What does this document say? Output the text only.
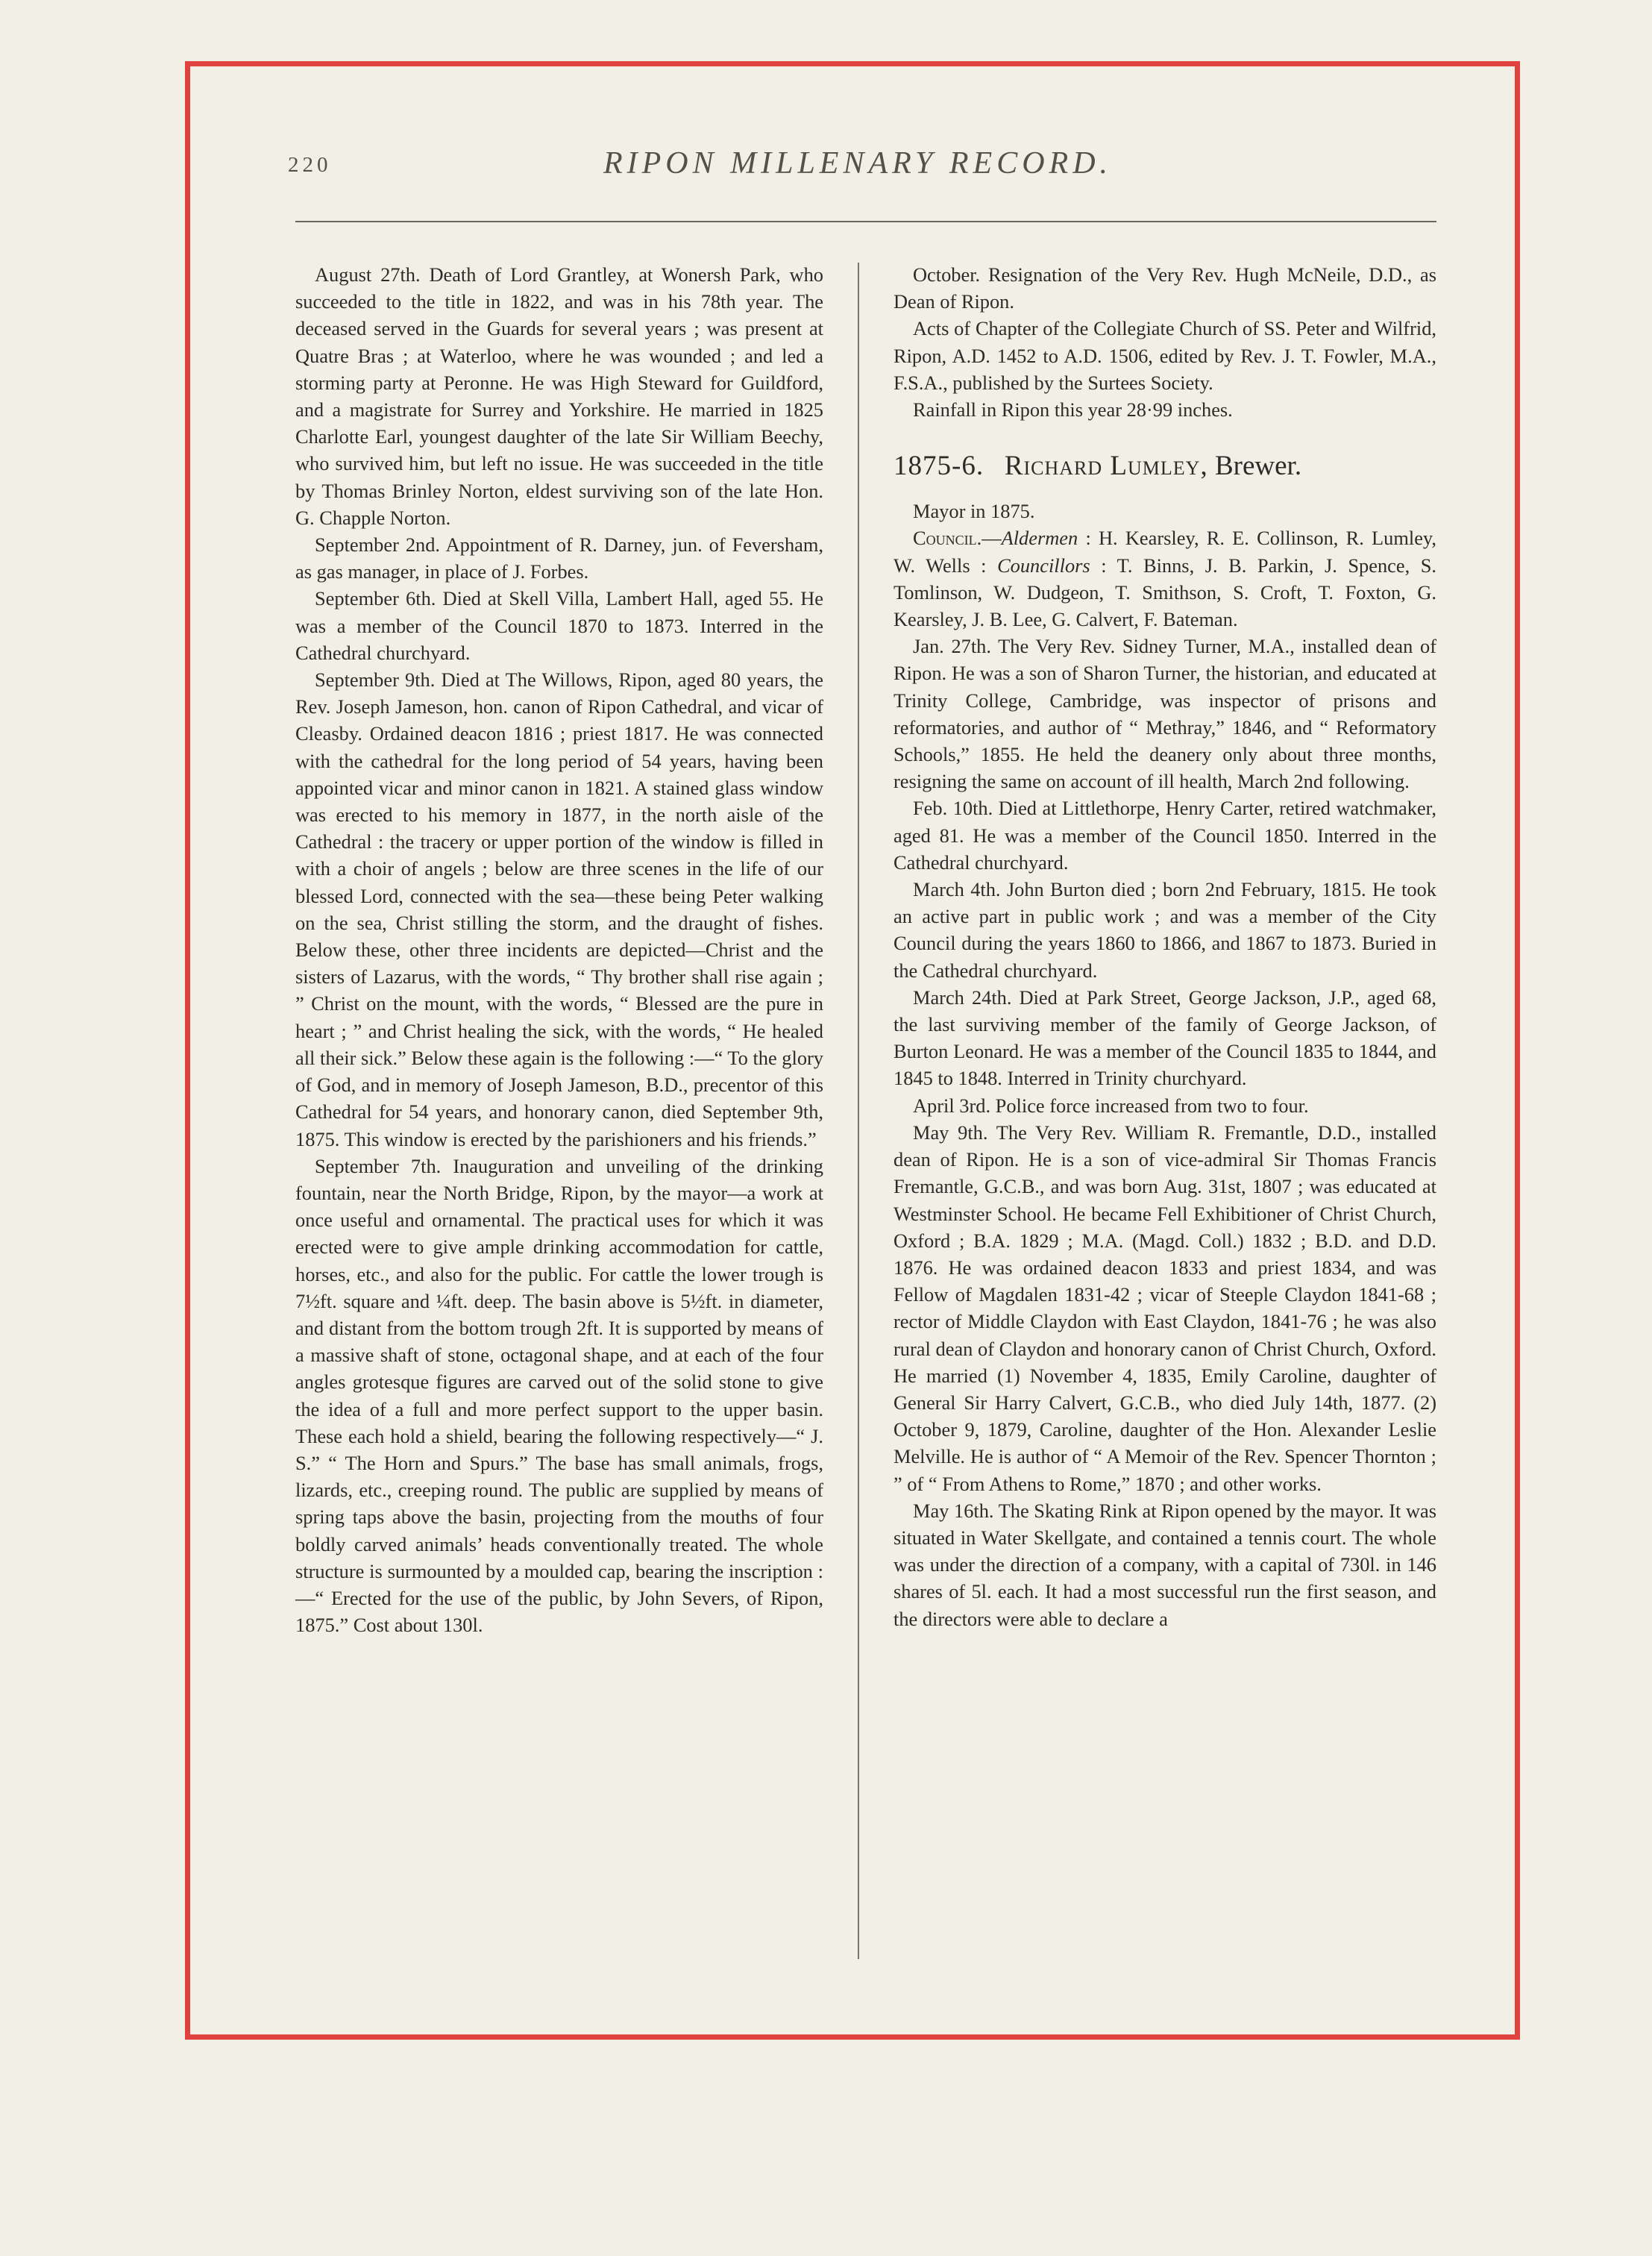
220	RIPON MILLENARY RECORD.

August 27th. Death of Lord Grantley, at Wonersh Park, who succeeded to the title in 1822, and was in his 78th year. The deceased served in the Guards for several years ; was present at Quatre Bras ; at Waterloo, where he was wounded ; and led a storming party at Peronne. He was High Steward for Guildford, and a magistrate for Surrey and Yorkshire. He married in 1825 Charlotte Earl, youngest daughter of the late Sir William Beechy, who survived him, but left no issue. He was succeeded in the title by Thomas Brinley Norton, eldest surviving son of the late Hon. G. Chapple Norton.

September 2nd. Appointment of R. Darney, jun. of Feversham, as gas manager, in place of J. Forbes.

September 6th. Died at Skell Villa, Lambert Hall, aged 55. He was a member of the Council 1870 to 1873. Interred in the Cathedral churchyard.

September 9th. Died at The Willows, Ripon, aged 80 years, the Rev. Joseph Jameson, hon. canon of Ripon Cathedral, and vicar of Cleasby. Ordained deacon 1816 ; priest 1817. He was connected with the cathedral for the long period of 54 years, having been appointed vicar and minor canon in 1821. A stained glass window was erected to his memory in 1877, in the north aisle of the Cathedral : the tracery or upper portion of the window is filled in with a choir of angels ; below are three scenes in the life of our blessed Lord, connected with the sea—these being Peter walking on the sea, Christ stilling the storm, and the draught of fishes. Below these, other three incidents are depicted—Christ and the sisters of Lazarus, with the words, “ Thy brother shall rise again ; ” Christ on the mount, with the words, “ Blessed are the pure in heart ; ” and Christ healing the sick, with the words, “ He healed all their sick.” Below these again is the following :—“ To the glory of God, and in memory of Joseph Jameson, B.D., precentor of this Cathedral for 54 years, and honorary canon, died September 9th, 1875. This window is erected by the parishioners and his friends.”

September 7th. Inauguration and unveiling of the drinking fountain, near the North Bridge, Ripon, by the mayor—a work at once useful and ornamental. The practical uses for which it was erected were to give ample drinking accommodation for cattle, horses, etc., and also for the public. For cattle the lower trough is 7½ft. square and ¼ft. deep. The basin above is 5½ft. in diameter, and distant from the bottom trough 2ft. It is supported by means of a massive shaft of stone, octagonal shape, and at each of the four angles grotesque figures are carved out of the solid stone to give the idea of a full and more perfect support to the upper basin. These each hold a shield, bearing the following respectively—“ J. S.” “ The Horn and Spurs.” The base has small animals, frogs, lizards, etc., creeping round. The public are supplied by means of spring taps above the basin, projecting from the mouths of four boldly carved animals’ heads conventionally treated. The whole structure is surmounted by a moulded cap, bearing the inscription :—“ Erected for the use of the public, by John Severs, of Ripon, 1875.” Cost about 130l.

October. Resignation of the Very Rev. Hugh McNeile, D.D., as Dean of Ripon.

Acts of Chapter of the Collegiate Church of SS. Peter and Wilfrid, Ripon, A.D. 1452 to A.D. 1506, edited by Rev. J. T. Fowler, M.A., F.S.A., published by the Surtees Society.

Rainfall in Ripon this year 28·99 inches.

1875-6. Richard Lumley, Brewer.

Mayor in 1875.

Council.—Aldermen : H. Kearsley, R. E. Collinson, R. Lumley, W. Wells : Councillors : T. Binns, J. B. Parkin, J. Spence, S. Tomlinson, W. Dudgeon, T. Smithson, S. Croft, T. Foxton, G. Kearsley, J. B. Lee, G. Calvert, F. Bateman.

Jan. 27th. The Very Rev. Sidney Turner, M.A., installed dean of Ripon. He was a son of Sharon Turner, the historian, and educated at Trinity College, Cambridge, was inspector of prisons and reformatories, and author of “ Methray,” 1846, and “ Reformatory Schools,” 1855. He held the deanery only about three months, resigning the same on account of ill health, March 2nd following.

Feb. 10th. Died at Littlethorpe, Henry Carter, retired watchmaker, aged 81. He was a member of the Council 1850. Interred in the Cathedral churchyard.

March 4th. John Burton died ; born 2nd February, 1815. He took an active part in public work ; and was a member of the City Council during the years 1860 to 1866, and 1867 to 1873. Buried in the Cathedral churchyard.

March 24th. Died at Park Street, George Jackson, J.P., aged 68, the last surviving member of the family of George Jackson, of Burton Leonard. He was a member of the Council 1835 to 1844, and 1845 to 1848. Interred in Trinity churchyard.

April 3rd. Police force increased from two to four.

May 9th. The Very Rev. William R. Fremantle, D.D., installed dean of Ripon. He is a son of vice-admiral Sir Thomas Francis Fremantle, G.C.B., and was born Aug. 31st, 1807 ; was educated at Westminster School. He became Fell Exhibitioner of Christ Church, Oxford ; B.A. 1829 ; M.A. (Magd. Coll.) 1832 ; B.D. and D.D. 1876. He was ordained deacon 1833 and priest 1834, and was Fellow of Magdalen 1831-42 ; vicar of Steeple Claydon 1841-68 ; rector of Middle Claydon with East Claydon, 1841-76 ; he was also rural dean of Claydon and honorary canon of Christ Church, Oxford. He married (1) November 4, 1835, Emily Caroline, daughter of General Sir Harry Calvert, G.C.B., who died July 14th, 1877. (2) October 9, 1879, Caroline, daughter of the Hon. Alexander Leslie Melville. He is author of “ A Memoir of the Rev. Spencer Thornton ; ” of “ From Athens to Rome,” 1870 ; and other works.

May 16th. The Skating Rink at Ripon opened by the mayor. It was situated in Water Skellgate, and contained a tennis court. The whole was under the direction of a company, with a capital of 730l. in 146 shares of 5l. each. It had a most successful run the first season, and the directors were able to declare a
